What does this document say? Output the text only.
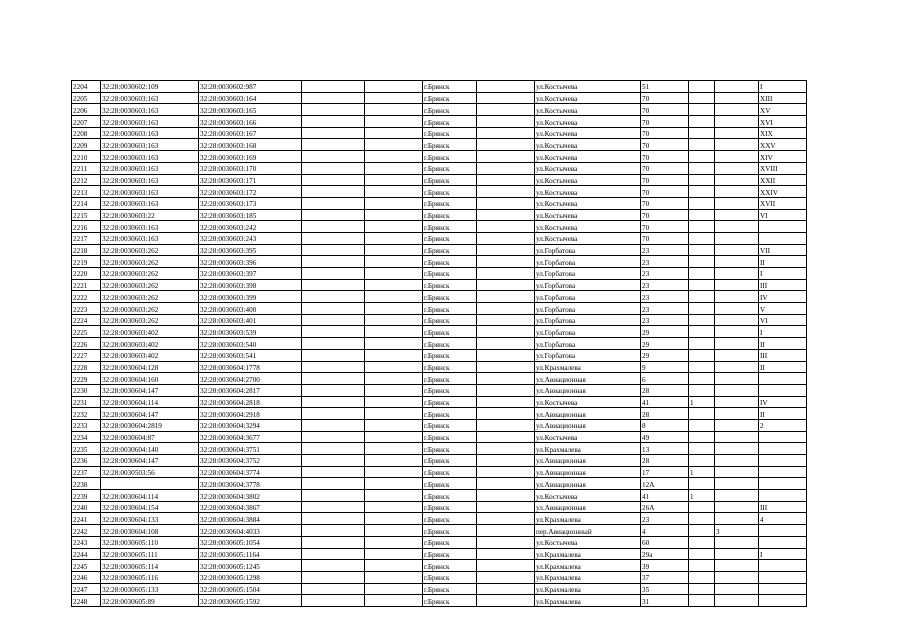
2204	32:28:0030602:109	32:28:0030602:987			г.Брянск		ул.Костычева	51			I
2205	32:28:0030603:163	32:28:0030603:164			г.Брянск		ул.Костычева	70			XIII
2206	32:28:0030603:163	32:28:0030603:165			г.Брянск		ул.Костычева	70			XV
2207	32:28:0030603:163	32:28:0030603:166			г.Брянск		ул.Костычева	70			XVI
2208	32:28:0030603:163	32:28:0030603:167			г.Брянск		ул.Костычева	70			XIX
2209	32:28:0030603:163	32:28:0030603:168			г.Брянск		ул.Костычева	70			XXV
2210	32:28:0030603:163	32:28:0030603:169			г.Брянск		ул.Костычева	70			XIV
2211	32:28:0030603:163	32:28:0030603:170			г.Брянск		ул.Костычева	70			XVIII
2212	32:28:0030603:163	32:28:0030603:171			г.Брянск		ул.Костычева	70			XXII
2213	32:28:0030603:163	32:28:0030603:172			г.Брянск		ул.Костычева	70			XXIV
2214	32:28:0030603:163	32:28:0030603:173			г.Брянск		ул.Костычева	70			XVII
2215	32:28:0030603:22	32:28:0030603:185			г.Брянск		ул.Костычева	70			VI
2216	32:28:0030603:163	32:28:0030603:242			г.Брянск		ул.Костычева	70			
2217	32:28:0030603:163	32:28:0030603:243			г.Брянск		ул.Костычева	70			
2218	32:28:0030603:262	32:28:0030603:395			г.Брянск		ул.Горбатова	23			VII
2219	32:28:0030603:262	32:28:0030603:396			г.Брянск		ул.Горбатова	23			II
2220	32:28:0030603:262	32:28:0030603:397			г.Брянск		ул.Горбатова	23			I
2221	32:28:0030603:262	32:28:0030603:398			г.Брянск		ул.Горбатова	23			III
2222	32:28:0030603:262	32:28:0030603:399			г.Брянск		ул.Горбатова	23			IV
2223	32:28:0030603:262	32:28:0030603:400			г.Брянск		ул.Горбатова	23			V
2224	32:28:0030603:262	32:28:0030603:401			г.Брянск		ул.Горбатова	23			VI
2225	32:28:0030603:402	32:28:0030603:539			г.Брянск		ул.Горбатова	29			I
2226	32:28:0030603:402	32:28:0030603:540			г.Брянск		ул.Горбатова	29			II
2227	32:28:0030603:402	32:28:0030603:541			г.Брянск		ул.Горбатова	29			III
2228	32:28:0030604:128	32:28:0030604:1778			г.Брянск		ул.Крахмалева	9			II
2229	32:28:0030604:160	32:28:0030604:2700			г.Брянск		ул.Авиационная	6			
2230	32:28:0030604:147	32:28:0030604:2817			г.Брянск		ул.Авиационная	28			
2231	32:28:0030604:114	32:28:0030604:2818			г.Брянск		ул.Костычева	41	1		IV
2232	32:28:0030604:147	32:28:0030604:2918			г.Брянск		ул.Авиационная	28			II
2233	32:28:0030604:2819	32:28:0030604:3294			г.Брянск		ул.Авиационная	8			2
2234	32:28:0030604:87	32:28:0030604:3677			г.Брянск		ул.Костычева	49			
2235	32:28:0030604:140	32:28:0030604:3751			г.Брянск		ул.Крахмалева	13			
2236	32:28:0030604:147	32:28:0030604:3752			г.Брянск		ул.Авиационная	28			
2237	32:28:0030503:56	32:28:0030604:3774			г.Брянск		ул.Авиационная	17	1		
2238		32:28:0030604:3778			г.Брянск		ул.Авиационная	12А			
2239	32:28:0030604:114	32:28:0030604:3802			г.Брянск		ул.Костычева	41	1		
2240	32:28:0030604:154	32:28:0030604:3867			г.Брянск		ул.Авиационная	26А			III
2241	32:28:0030604:133	32:28:0030604:3884			г.Брянск		ул.Крахмалева	23			4
2242	32:28:0030604:108	32:28:0030604:4033			г.Брянск		пер.Авиационный	4		3	
2243	32:28:0030605:110	32:28:0030605:1054			г.Брянск		ул.Костычева	60			
2244	32:28:0030605:111	32:28:0030605:1164			г.Брянск		ул.Крахмалева	29а			I
2245	32:28:0030605:114	32:28:0030605:1245			г.Брянск		ул.Крахмалева	39			
2246	32:28:0030605:116	32:28:0030605:1298			г.Брянск		ул.Крахмалева	37			
2247	32:28:0030605:133	32:28:0030605:1504			г.Брянск		ул.Крахмалева	35			
2248	32:28:0030605:89	32:28:0030605:1592			г.Брянск		ул.Крахмалева	31			
